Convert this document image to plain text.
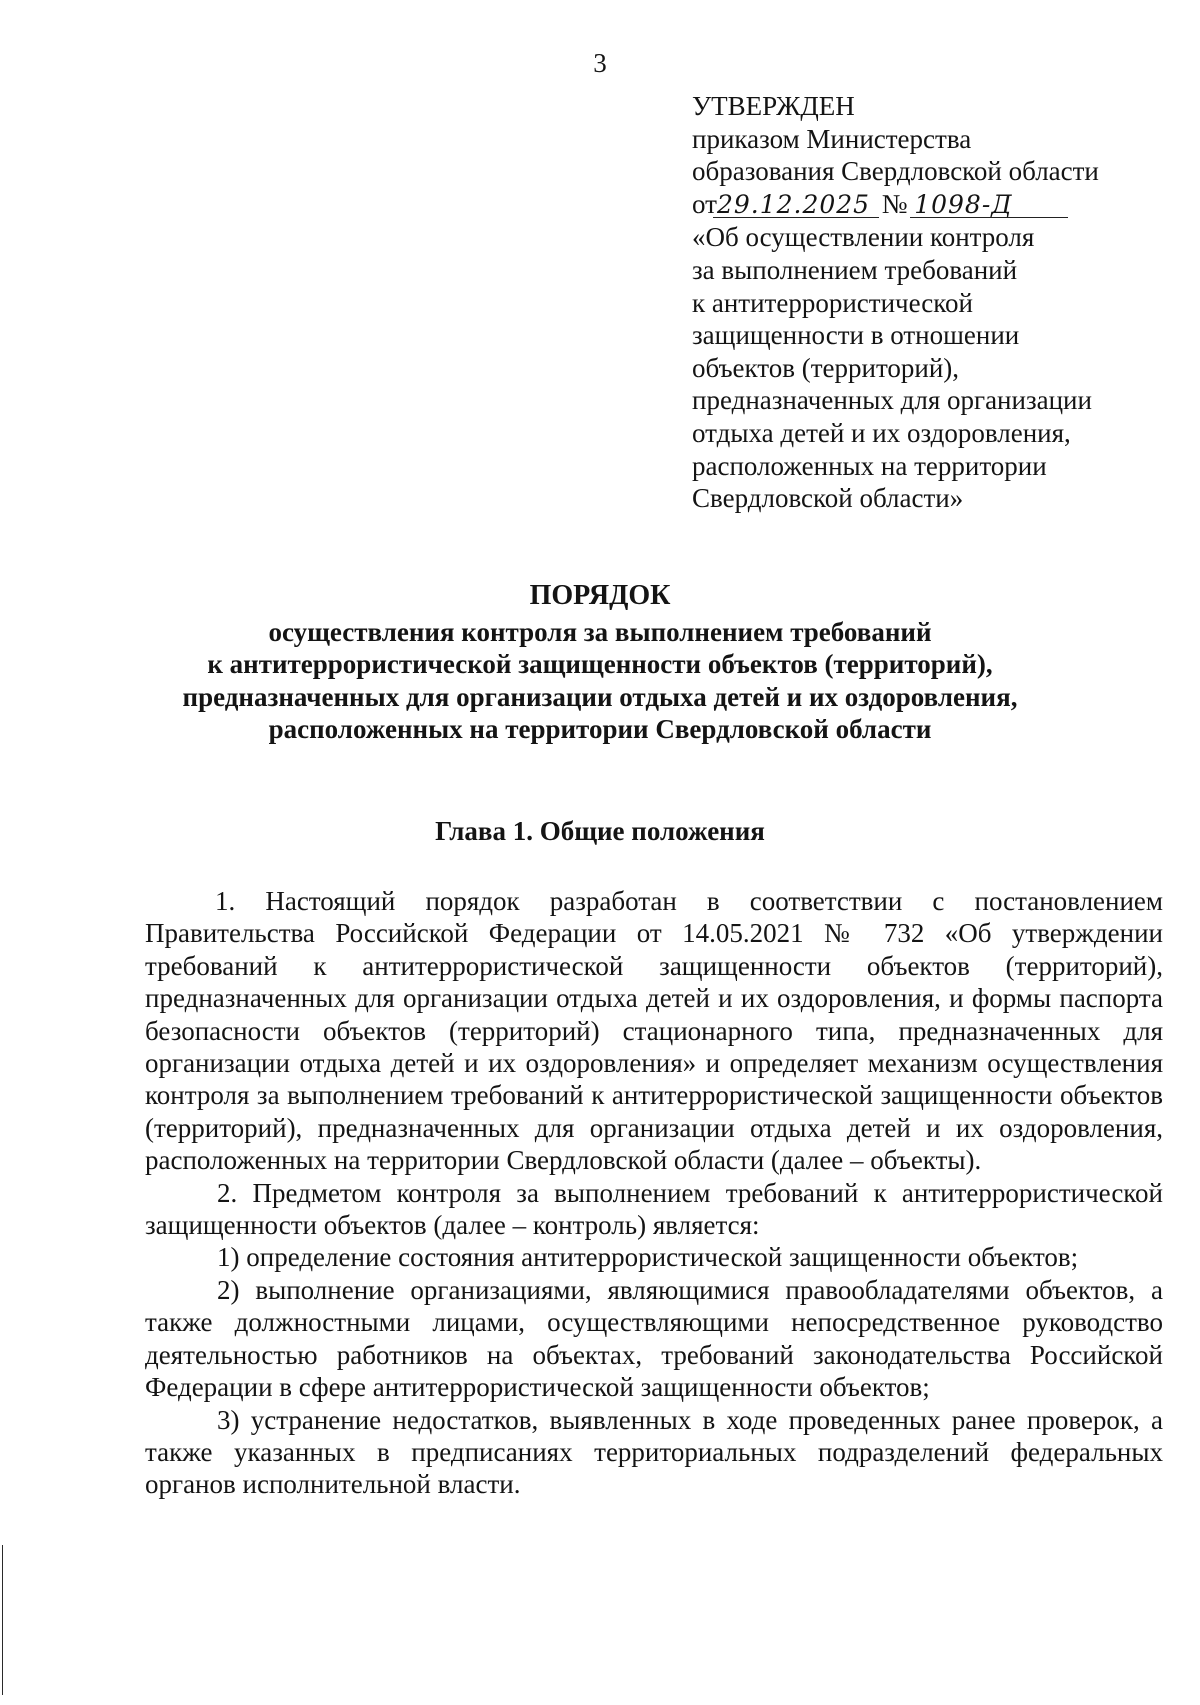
3
УТВЕРЖДЕН
приказом Министерства
образования Свердловской области
от29.12.2025 № 1098-Д
«Об осуществлении контроля
за выполнением требований
к антитеррористической
защищенности в отношении
объектов (территорий),
предназначенных для организации
отдыха детей и их оздоровления,
расположенных на территории
Свердловской области»
ПОРЯДОК
осуществления контроля за выполнением требований
к антитеррористической защищенности объектов (территорий),
предназначенных для организации отдыха детей и их оздоровления,
расположенных на территории Свердловской области
Глава 1. Общие положения

1. Настоящий порядок разработан в соответствии с постановлением Правительства Российской Федерации от 14.05.2021 № 732 «Об утверждении требований к антитеррористической защищенности объектов (территорий), предназначенных для организации отдыха детей и их оздоровления, и формы паспорта безопасности объектов (территорий) стационарного типа, предназначенных для организации отдыха детей и их оздоровления» и определяет механизм осуществления контроля за выполнением требований к антитеррористической защищенности объектов (территорий), предназначенных для организации отдыха детей и их оздоровления, расположенных на территории Свердловской области (далее – объекты).

2. Предметом контроля за выполнением требований к антитеррористической защищенности объектов (далее – контроль) является:

1) определение состояния антитеррористической защищенности объектов;

2) выполнение организациями, являющимися правообладателями объектов, а также должностными лицами, осуществляющими непосредственное руководство деятельностью работников на объектах, требований законодательства Российской Федерации в сфере антитеррористической защищенности объектов;

3) устранение недостатков, выявленных в ходе проведенных ранее проверок, а также указанных в предписаниях территориальных подразделений федеральных органов исполнительной власти.
